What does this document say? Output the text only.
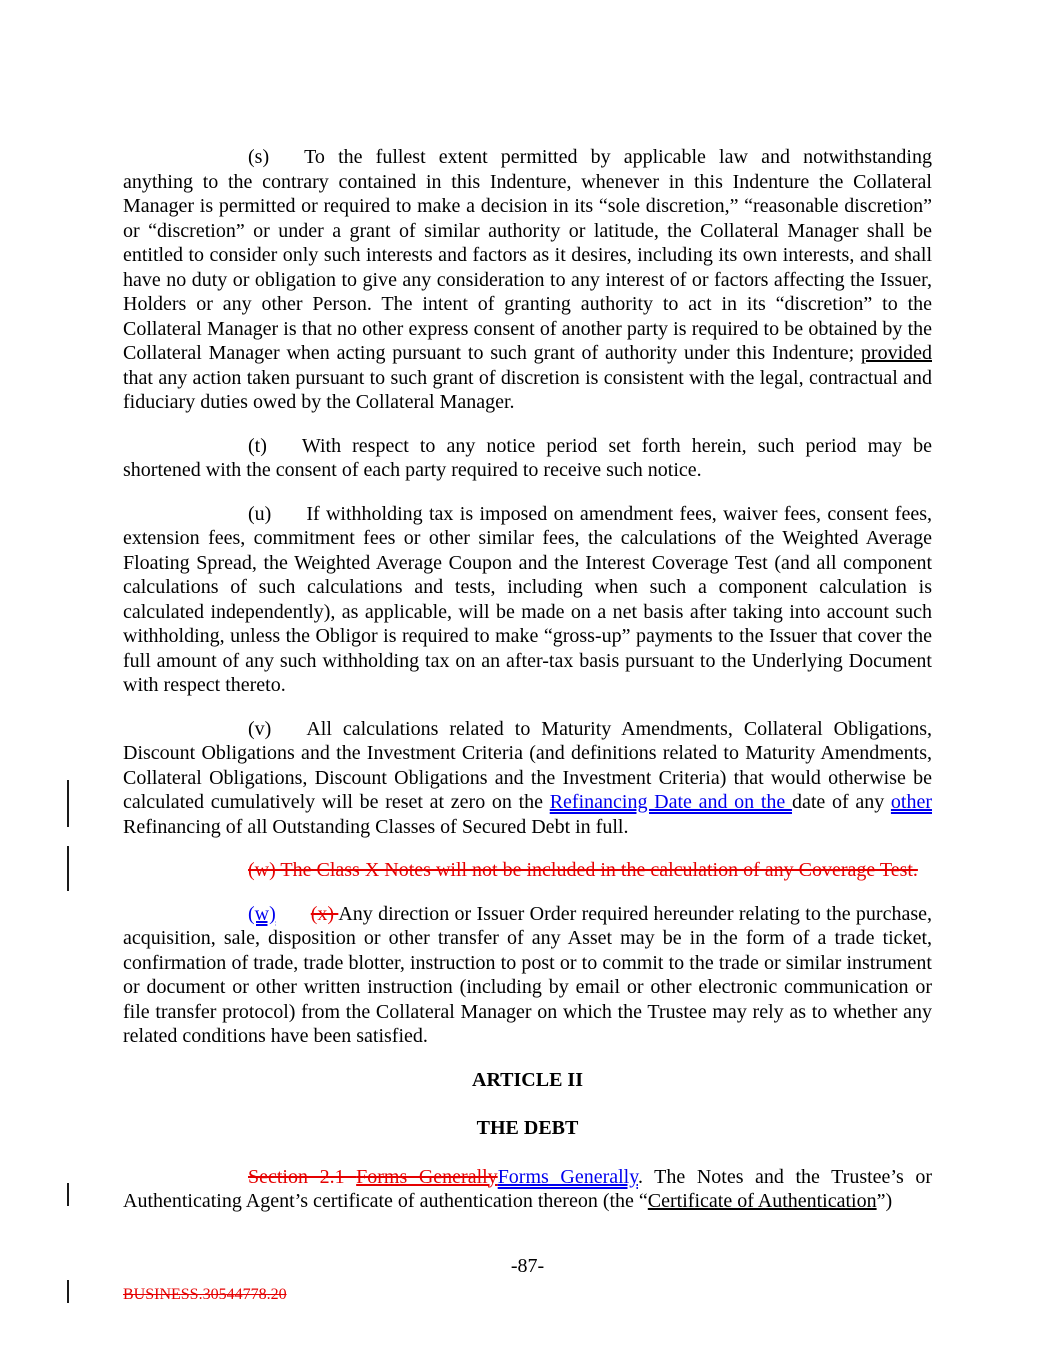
(s) To the fullest extent permitted by applicable law and notwithstanding anything to the contrary contained in this Indenture, whenever in this Indenture the Collateral Manager is permitted or required to make a decision in its “sole discretion,” “reasonable discretion” or “discretion” or under a grant of similar authority or latitude, the Collateral Manager shall be entitled to consider only such interests and factors as it desires, including its own interests, and shall have no duty or obligation to give any consideration to any interest of or factors affecting the Issuer, Holders or any other Person. The intent of granting authority to act in its “discretion” to the Collateral Manager is that no other express consent of another party is required to be obtained by the Collateral Manager when acting pursuant to such grant of authority under this Indenture; provided that any action taken pursuant to such grant of discretion is consistent with the legal, contractual and fiduciary duties owed by the Collateral Manager.

(t) With respect to any notice period set forth herein, such period may be shortened with the consent of each party required to receive such notice.

(u) If withholding tax is imposed on amendment fees, waiver fees, consent fees, extension fees, commitment fees or other similar fees, the calculations of the Weighted Average Floating Spread, the Weighted Average Coupon and the Interest Coverage Test (and all component calculations of such calculations and tests, including when such a component calculation is calculated independently), as applicable, will be made on a net basis after taking into account such withholding, unless the Obligor is required to make “gross-up” payments to the Issuer that cover the full amount of any such withholding tax on an after-tax basis pursuant to the Underlying Document with respect thereto.

(v) All calculations related to Maturity Amendments, Collateral Obligations, Discount Obligations and the Investment Criteria (and definitions related to Maturity Amendments, Collateral Obligations, Discount Obligations and the Investment Criteria) that would otherwise be calculated cumulatively will be reset at zero on the Refinancing Date and on the date of any other Refinancing of all Outstanding Classes of Secured Debt in full.

(w) The Class X Notes will not be included in the calculation of any Coverage Test.

(w) (x) Any direction or Issuer Order required hereunder relating to the purchase, acquisition, sale, disposition or other transfer of any Asset may be in the form of a trade ticket, confirmation of trade, trade blotter, instruction to post or to commit to the trade or similar instrument or document or other written instruction (including by email or other electronic communication or file transfer protocol) from the Collateral Manager on which the Trustee may rely as to whether any related conditions have been satisfied.

ARTICLE II

THE DEBT

Section 2.1 Forms GenerallyForms Generally. The Notes and the Trustee’s or Authenticating Agent’s certificate of authentication thereon (the “Certificate of Authentication”)

-87-
BUSINESS.30544778.20
